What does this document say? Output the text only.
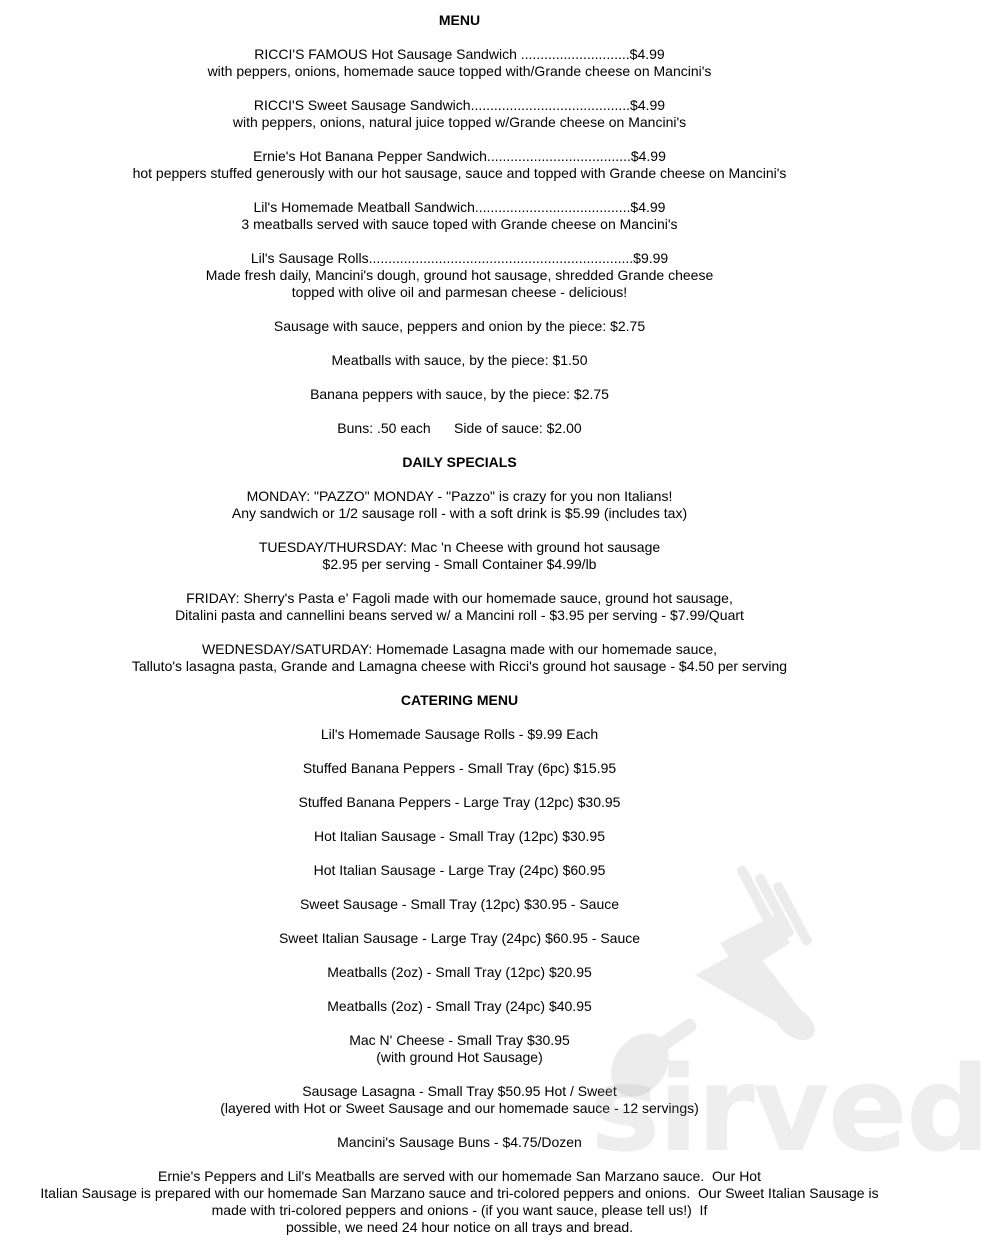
MENU
RICCI'S FAMOUS Hot Sausage Sandwich ............................$4.99
with peppers, onions, homemade sauce topped with/Grande cheese on Mancini's
RICCI'S Sweet Sausage Sandwich.........................................$4.99
with peppers, onions, natural juice topped w/Grande cheese on Mancini's
Ernie's Hot Banana Pepper Sandwich.....................................$4.99
hot peppers stuffed generously with our hot sausage, sauce and topped with Grande cheese on Mancini's
Lil's Homemade Meatball Sandwich........................................$4.99
3 meatballs served with sauce toped with Grande cheese on Mancini's
Lil's Sausage Rolls....................................................................$9.99
Made fresh daily, Mancini's dough, ground hot sausage, shredded Grande cheese
topped with olive oil and parmesan cheese - delicious!
Sausage with sauce, peppers and onion by the piece: $2.75
Meatballs with sauce, by the piece: $1.50
Banana peppers with sauce, by the piece: $2.75
Buns: .50 each      Side of sauce: $2.00
DAILY SPECIALS
MONDAY: "PAZZO" MONDAY - "Pazzo" is crazy for you non Italians!
Any sandwich or 1/2 sausage roll - with a soft drink is $5.99 (includes tax)
TUESDAY/THURSDAY: Mac 'n Cheese with ground hot sausage
$2.95 per serving - Small Container $4.99/lb
FRIDAY: Sherry's Pasta e' Fagoli made with our homemade sauce, ground hot sausage,
Ditalini pasta and cannellini beans served w/ a Mancini roll - $3.95 per serving - $7.99/Quart
WEDNESDAY/SATURDAY: Homemade Lasagna made with our homemade sauce,
Talluto's lasagna pasta, Grande and Lamagna cheese with Ricci's ground hot sausage - $4.50 per serving
CATERING MENU
Lil's Homemade Sausage Rolls - $9.99 Each
Stuffed Banana Peppers - Small Tray (6pc) $15.95
Stuffed Banana Peppers - Large Tray (12pc) $30.95
Hot Italian Sausage - Small Tray (12pc) $30.95
Hot Italian Sausage - Large Tray (24pc) $60.95
Sweet Sausage - Small Tray (12pc) $30.95 - Sauce
Sweet Italian Sausage - Large Tray (24pc) $60.95 - Sauce
Meatballs (2oz) - Small Tray (12pc) $20.95
Meatballs (2oz) - Small Tray (24pc) $40.95
Mac N' Cheese - Small Tray $30.95
(with ground Hot Sausage)
Sausage Lasagna - Small Tray $50.95 Hot / Sweet
(layered with Hot or Sweet Sausage and our homemade sauce - 12 servings)
Mancini's Sausage Buns - $4.75/Dozen
Ernie's Peppers and Lil's Meatballs are served with our homemade San Marzano sauce.  Our Hot
Italian Sausage is prepared with our homemade San Marzano sauce and tri-colored peppers and onions.  Our Sweet Italian Sausage is
made with tri-colored peppers and onions - (if you want sauce, please tell us!)  If
possible, we need 24 hour notice on all trays and bread.
sirved
